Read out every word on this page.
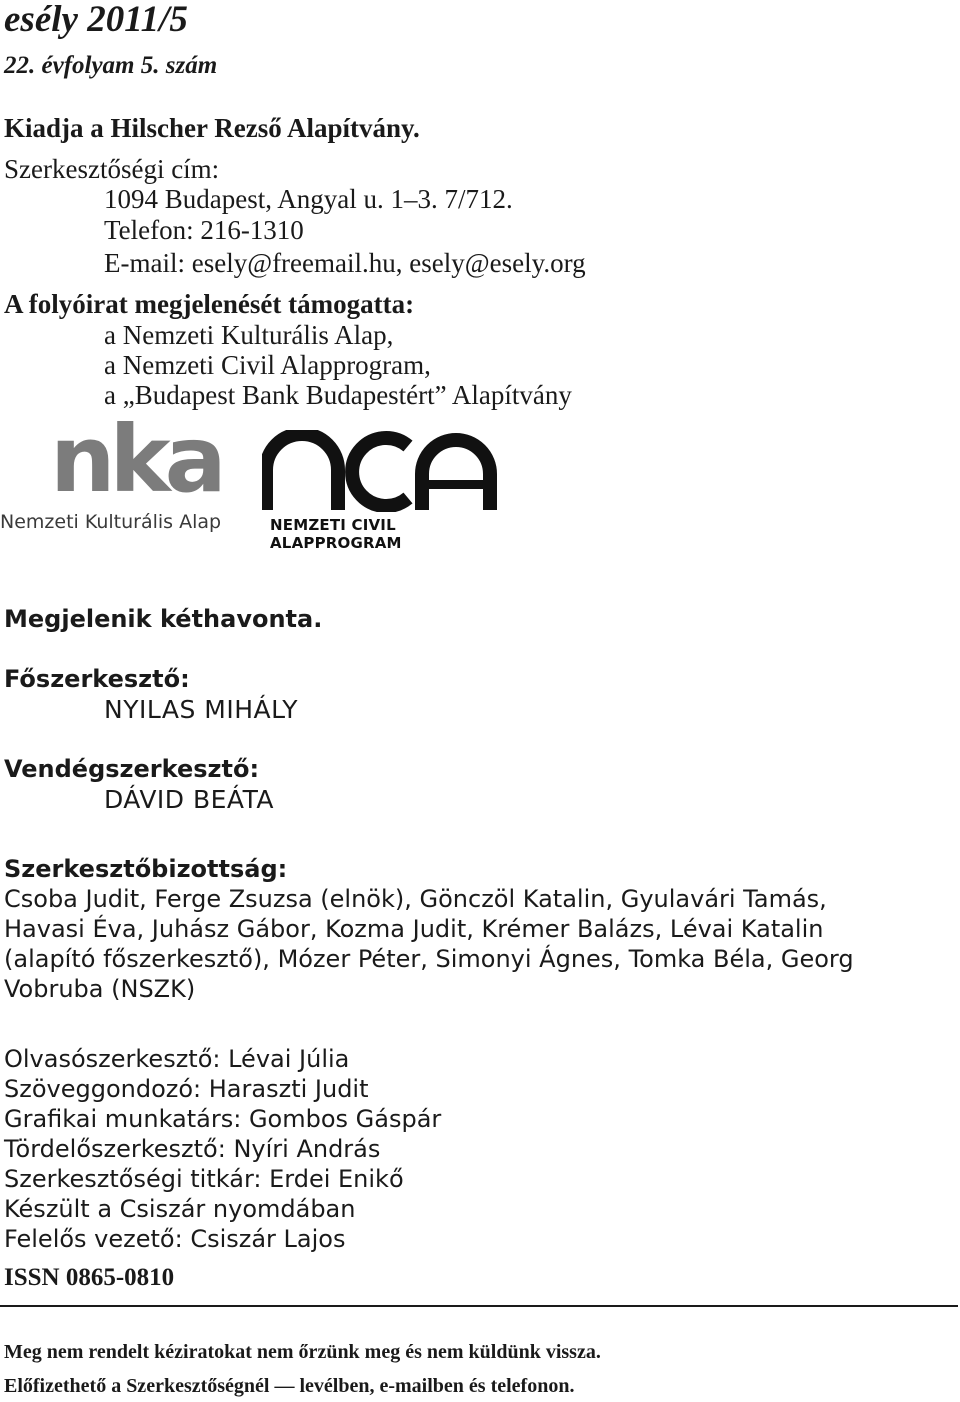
esély 2011/5
22. évfolyam 5. szám
Kiadja a Hilscher Rezső Alapítvány.
Szerkesztőségi cím:
1094 Budapest, Angyal u. 1–3. 7/712.
Telefon: 216-1310
E-mail: esely@freemail.hu, esely@esely.org
A folyóirat megjelenését támogatta:
a Nemzeti Kulturális Alap,
a Nemzeti Civil Alapprogram,
a „Budapest Bank Budapestért” Alapítvány
nka
Nemzeti Kulturális Alap	NEMZETI CIVIL ALAPPROGRAM
Megjelenik kéthavonta.
Főszerkesztő:
NYILAS MIHÁLY
Vendégszerkesztő:
DÁVID BEÁTA
Szerkesztőbizottság:
Csoba Judit, Ferge Zsuzsa (elnök), Gönczöl Katalin, Gyulavári Tamás,
Havasi Éva, Juhász Gábor, Kozma Judit, Krémer Balázs, Lévai Katalin
(alapító főszerkesztő), Mózer Péter, Simonyi Ágnes, Tomka Béla, Georg
Vobruba (NSZK)
Olvasószerkesztő: Lévai Júlia
Szöveggondozó: Haraszti Judit
Grafikai munkatárs: Gombos Gáspár
Tördelőszerkesztő: Nyíri András
Szerkesztőségi titkár: Erdei Enikő
Készült a Csiszár nyomdában
Felelős vezető: Csiszár Lajos
ISSN 0865-0810
Meg nem rendelt kéziratokat nem őrzünk meg és nem küldünk vissza.
Előfizethető a Szerkesztőségnél — levélben, e-mailben és telefonon.
